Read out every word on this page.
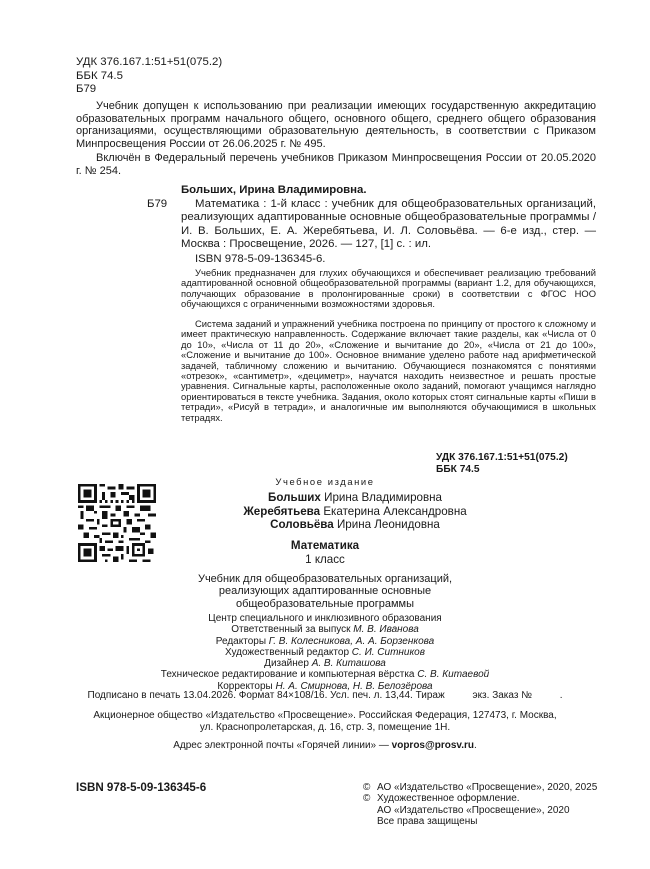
УДК 376.167.1:51+51(075.2)
ББК 74.5
Б79
Учебник допущен к использованию при реализации имеющих государственную аккредитацию образовательных программ начального общего, основного общего, среднего общего образования организациями, осуществляющими образовательную деятельность, в соответствии с Приказом Минпросвещения России от 26.06.2025 г. № 495.
Включён в Федеральный перечень учебников Приказом Минпросвещения России от 20.05.2020 г. № 254.
Больших, Ирина Владимировна.
Б79	Математика : 1-й класс : учебник для общеобразовательных организаций, реализующих адаптированные основные общеобразовательные программы / И. В. Больших, Е. А. Жеребятьева, И. Л. Соловьёва. — 6-е изд., стер. — Москва : Просвещение, 2026. — 127, [1] с. : ил.
ISBN 978-5-09-136345-6.
Учебник предназначен для глухих обучающихся и обеспечивает реализацию требований адаптированной основной общеобразовательной программы (вариант 1.2, для обучающихся, получающих образование в пролонгированные сроки) в соответствии с ФГОС НОО обучающихся с ограниченными возможностями здоровья.
Система заданий и упражнений учебника построена по принципу от простого к сложному и имеет практическую направленность. Содержание включает такие разделы, как «Числа от 0 до 10», «Числа от 11 до 20», «Сложение и вычитание до 20», «Числа от 21 до 100», «Сложение и вычитание до 100». Основное внимание уделено работе над арифметической задачей, табличному сложению и вычитанию. Обучающиеся познакомятся с понятиями «отрезок», «сантиметр», «дециметр», научатся находить неизвестное и решать простые уравнения. Сигнальные карты, расположенные около заданий, помогают учащимся наглядно ориентироваться в тексте учебника. Задания, около которых стоят сигнальные карты «Пиши в тетради», «Рисуй в тетради», и аналогичные им выполняются обучающимися в школьных тетрадях.
УДК 376.167.1:51+51(075.2)
ББК 74.5
Учебное издание
Больших Ирина Владимировна
Жеребятьева Екатерина Александровна
Соловьёва Ирина Леонидовна
Математика
1 класс
Учебник для общеобразовательных организаций,
реализующих адаптированные основные
общеобразовательные программы
Центр специального и инклюзивного образования
Ответственный за выпуск М. В. Иванова
Редакторы Г. В. Колесникова, А. А. Борзенкова
Художественный редактор С. И. Ситников
Дизайнер А. В. Киташова
Техническое редактирование и компьютерная вёрстка С. В. Китаевой
Корректоры Н. А. Смирнова, Н. В. Белозёрова
Подписано в печать 13.04.2026. Формат 84×108/16. Усл. печ. л. 13,44. Тираж          экз. Заказ №          .
Акционерное общество «Издательство «Просвещение». Российская Федерация, 127473, г. Москва,
ул. Краснопролетарская, д. 16, стр. 3, помещение 1Н.
Адрес электронной почты «Горячей линии» — vopros@prosv.ru.
ISBN 978-5-09-136345-6	© АО «Издательство «Просвещение», 2020, 2025
© Художественное оформление.
АО «Издательство «Просвещение», 2020
Все права защищены
